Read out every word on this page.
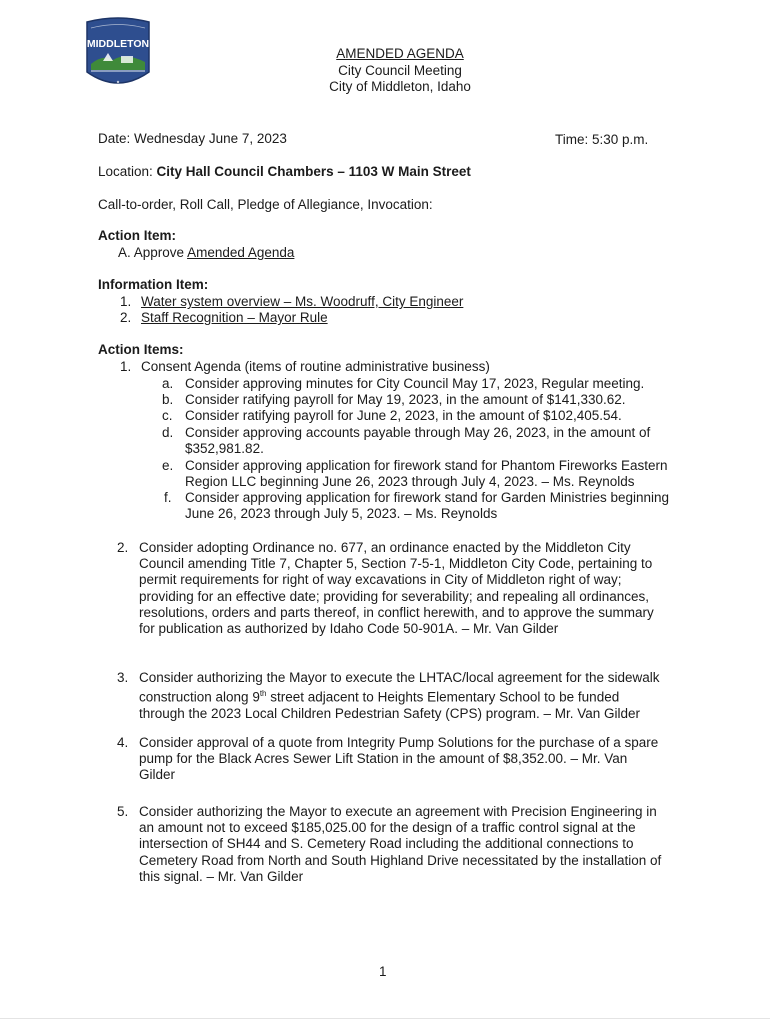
MIDDLETON
AMENDED AGENDA
City Council Meeting
City of Middleton, Idaho
Date: Wednesday June 7, 2023	Time: 5:30 p.m.
Location: City Hall Council Chambers – 1103 W Main Street
Call-to-order, Roll Call, Pledge of Allegiance, Invocation:
Action Item:
A. Approve Amended Agenda
Information Item:
1. Water system overview – Ms. Woodruff, City Engineer
2. Staff Recognition – Mayor Rule
Action Items:
1. Consent Agenda (items of routine administrative business)
a. Consider approving minutes for City Council May 17, 2023, Regular meeting.
b. Consider ratifying payroll for May 19, 2023, in the amount of $141,330.62.
c. Consider ratifying payroll for June 2, 2023, in the amount of $102,405.54.
d. Consider approving accounts payable through May 26, 2023, in the amount of
$352,981.82.
e. Consider approving application for firework stand for Phantom Fireworks Eastern
Region LLC beginning June 26, 2023 through July 4, 2023. – Ms. Reynolds
f. Consider approving application for firework stand for Garden Ministries beginning
June 26, 2023 through July 5, 2023. – Ms. Reynolds
2. Consider adopting Ordinance no. 677, an ordinance enacted by the Middleton City
Council amending Title 7, Chapter 5, Section 7-5-1, Middleton City Code, pertaining to
permit requirements for right of way excavations in City of Middleton right of way;
providing for an effective date; providing for severability; and repealing all ordinances,
resolutions, orders and parts thereof, in conflict herewith, and to approve the summary
for publication as authorized by Idaho Code 50-901A. – Mr. Van Gilder
3. Consider authorizing the Mayor to execute the LHTAC/local agreement for the sidewalk
construction along 9th street adjacent to Heights Elementary School to be funded
through the 2023 Local Children Pedestrian Safety (CPS) program. – Mr. Van Gilder
4. Consider approval of a quote from Integrity Pump Solutions for the purchase of a spare
pump for the Black Acres Sewer Lift Station in the amount of $8,352.00. – Mr. Van
Gilder
5. Consider authorizing the Mayor to execute an agreement with Precision Engineering in
an amount not to exceed $185,025.00 for the design of a traffic control signal at the
intersection of SH44 and S. Cemetery Road including the additional connections to
Cemetery Road from North and South Highland Drive necessitated by the installation of
this signal. – Mr. Van Gilder
1
